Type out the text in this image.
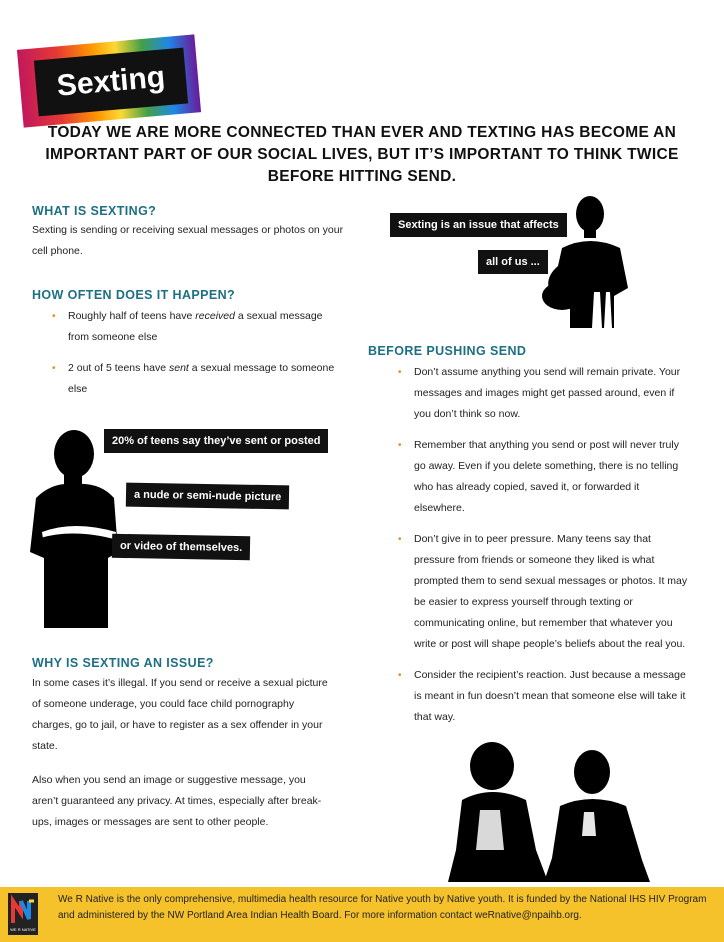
Sexting
TODAY WE ARE MORE CONNECTED THAN EVER AND TEXTING HAS BECOME AN IMPORTANT PART OF OUR SOCIAL LIVES, BUT IT’S IMPORTANT TO THINK TWICE BEFORE HITTING SEND.
WHAT IS SEXTING?
Sexting is sending or receiving sexual messages or photos on your cell phone.
HOW OFTEN DOES IT HAPPEN?
• Roughly half of teens have received a sexual message from someone else
• 2 out of 5 teens have sent a sexual message to someone else
20% of teens say they’ve sent or posted
a nude or semi-nude picture
or video of themselves.
WHY IS SEXTING AN ISSUE?
In some cases it’s illegal. If you send or receive a sexual picture of someone underage, you could face child pornography charges, go to jail, or have to register as a sex offender in your state.
Also when you send an image or suggestive message, you aren’t guaranteed any privacy. At times, especially after break-ups, images or messages are sent to other people.
Sexting is an issue that affects
all of us ...
BEFORE PUSHING SEND
• Don’t assume anything you send will remain private. Your messages and images might get passed around, even if you don’t think so now.
• Remember that anything you send or post will never truly go away. Even if you delete something, there is no telling who has already copied, saved it, or forwarded it elsewhere.
• Don’t give in to peer pressure. Many teens say that pressure from friends or someone they liked is what prompted them to send sexual messages or photos. It may be easier to express yourself through texting or communicating online, but remember that whatever you write or post will shape people’s beliefs about the real you.
• Consider the recipient’s reaction. Just because a message is meant in fun doesn’t mean that someone else will take it that way.
WE R NATIVE
We R Native is the only comprehensive, multimedia health resource for Native youth by Native youth. It is funded by the National IHS HIV Program and administered by the NW Portland Area Indian Health Board. For more information contact weRnative@npaihb.org.
